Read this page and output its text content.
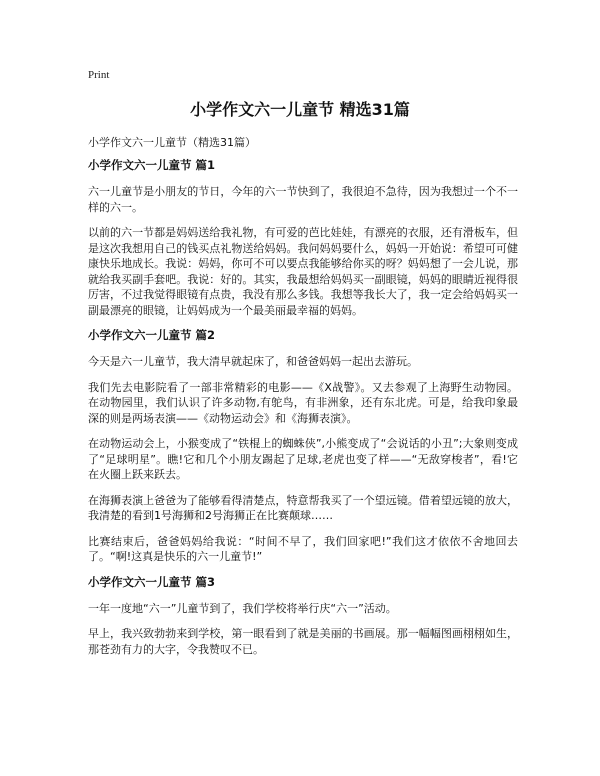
Print
小学作文六一儿童节 精选31篇

小学作文六一儿童节（精选31篇）

小学作文六一儿童节 篇1

六一儿童节是小朋友的节日，今年的六一节快到了，我很迫不急待，因为我想过一个不一样的六一。

以前的六一节都是妈妈送给我礼物，有可爱的芭比娃娃，有漂亮的衣服，还有滑板车，但是这次我想用自己的钱买点礼物送给妈妈。我问妈妈要什么，妈妈一开始说：希望可可健康快乐地成长。我说：妈妈，你可不可以要点我能够给你买的呀？妈妈想了一会儿说，那就给我买副手套吧。我说：好的。其实，我最想给妈妈买一副眼镜，妈妈的眼睛近视得很厉害，不过我觉得眼镜有点贵，我没有那么多钱。我想等我长大了，我一定会给妈妈买一副最漂亮的眼镜，让妈妈成为一个最美丽最幸福的妈妈。

小学作文六一儿童节 篇2

今天是六一儿童节，我大清早就起床了，和爸爸妈妈一起出去游玩。

我们先去电影院看了一部非常精彩的电影——《X战警》。又去参观了上海野生动物园。在动物园里，我们认识了许多动物,有鸵鸟，有非洲象，还有东北虎。可是，给我印象最深的则是两场表演——《动物运动会》和《海狮表演》。

在动物运动会上，小猴变成了“铁棍上的蜘蛛侠”,小熊变成了“会说话的小丑”;大象则变成了“足球明星”。瞧!它和几个小朋友踢起了足球,老虎也变了样——“无敌穿梭者”，看!它在火圈上跃来跃去。

在海狮表演上爸爸为了能够看得清楚点，特意帮我买了一个望远镜。借着望远镜的放大，我清楚的看到1号海狮和2号海狮正在比赛颠球……

比赛结束后，爸爸妈妈给我说：“时间不早了，我们回家吧!”我们这才依依不舍地回去了。“啊!这真是快乐的六一儿童节!”

小学作文六一儿童节 篇3

一年一度地“六一”儿童节到了，我们学校将举行庆“六一”活动。

早上，我兴致勃勃来到学校，第一眼看到了就是美丽的书画展。那一幅幅图画栩栩如生，那苍劲有力的大字，令我赞叹不已。
